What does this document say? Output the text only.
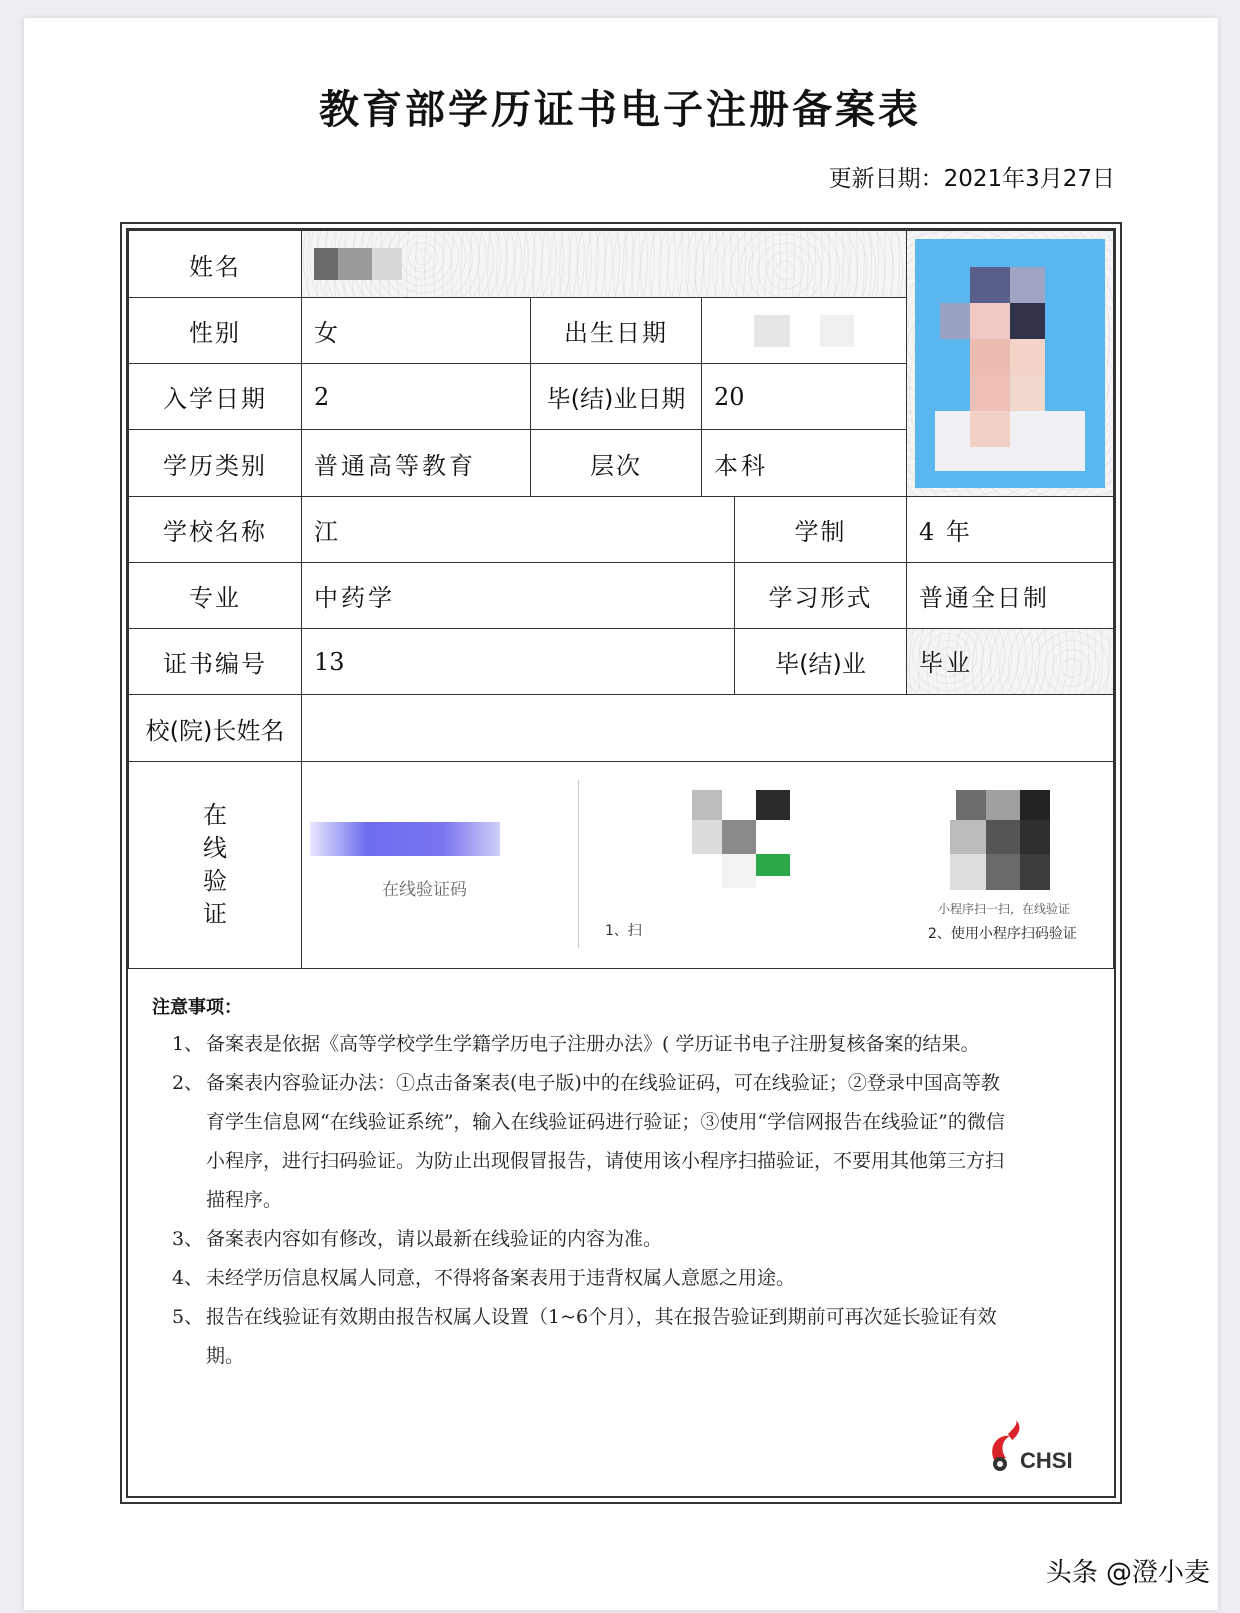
教育部学历证书电子注册备案表
更新日期：2021年3月27日
姓名
性别	女	出生日期
入学日期 2	毕(结)业日期 20
学历类别 普通高等教育	层次	本科
学校名称 江	学制	4 年
专业	中药学	学习形式 普通全日制
证书编号 13	毕(结)业 毕业
校(院)长姓名
在
线
验
证
在线验证码
1、扫
小程序扫一扫，在线验证
2、使用小程序扫码验证
注意事项：
1、 备案表是依据《高等学校学生学籍学历电子注册办法》( 学历证书电子注册复核备案的结果。
2、 备案表内容验证办法：①点击备案表(电子版)中的在线验证码，可在线验证；②登录中国高等教育学生信息网“在线验证系统”，输入在线验证码进行验证；③使用“学信网报告在线验证”的微信小程序，进行扫码验证。为防止出现假冒报告，请使用该小程序扫描验证，不要用其他第三方扫描程序。
3、 备案表内容如有修改，请以最新在线验证的内容为准。
4、 未经学历信息权属人同意，不得将备案表用于违背权属人意愿之用途。
5、 报告在线验证有效期由报告权属人设置（1~6个月），其在报告验证到期前可再次延长验证有效期。
CHSI
头条 @澄小麦
